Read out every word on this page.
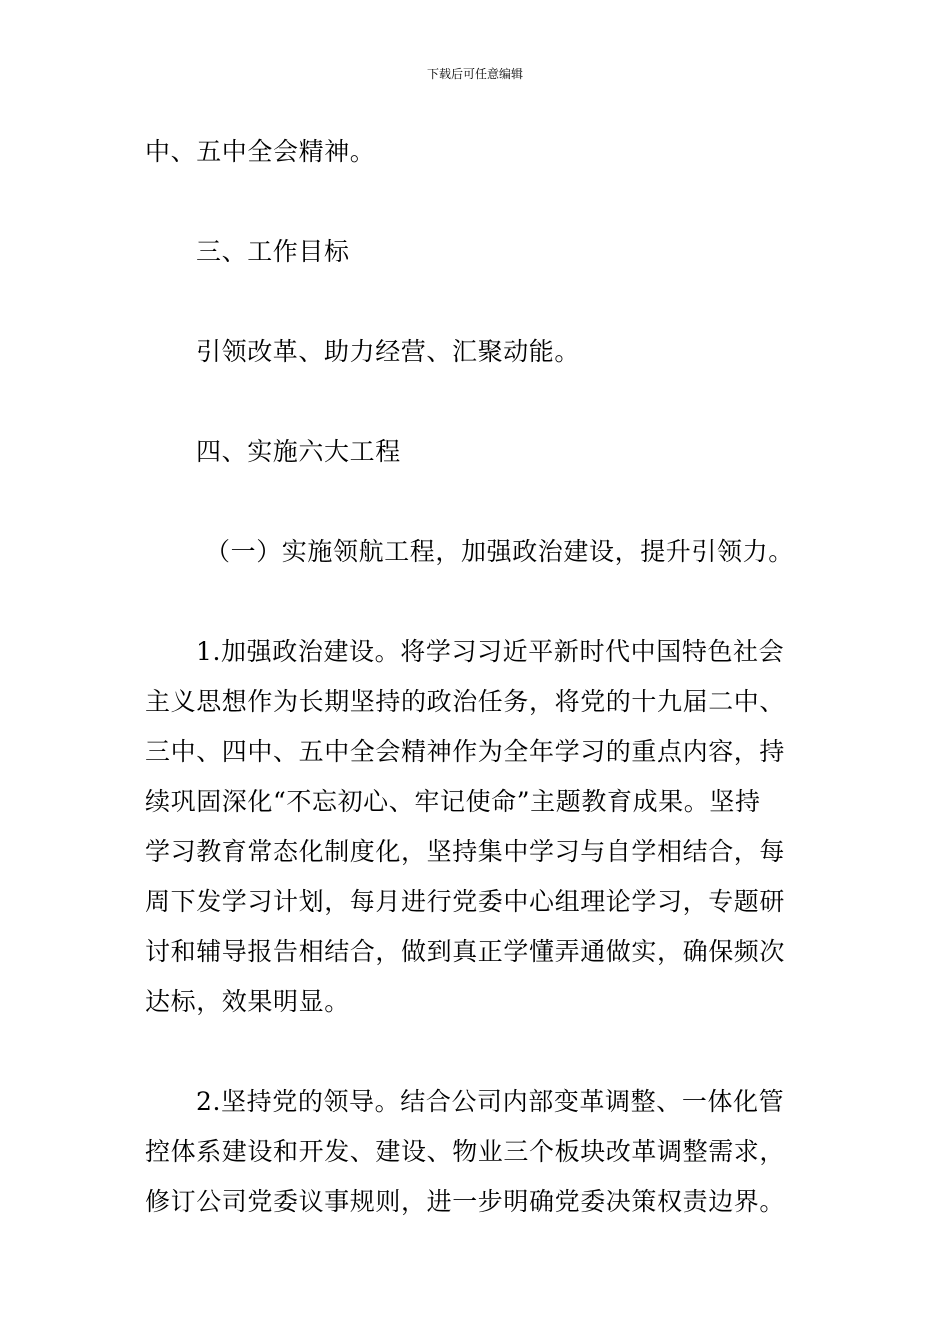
下载后可任意编辑
中、五中全会精神。
三、工作目标
引领改革、助力经营、汇聚动能。
四、实施六大工程
（一）实施领航工程，加强政治建设，提升引领力。
1.加强政治建设。将学习习近平新时代中国特色社会
主义思想作为长期坚持的政治任务，将党的十九届二中、
三中、四中、五中全会精神作为全年学习的重点内容，持
续巩固深化“不忘初心、牢记使命”主题教育成果。坚持
学习教育常态化制度化，坚持集中学习与自学相结合，每
周下发学习计划，每月进行党委中心组理论学习，专题研
讨和辅导报告相结合，做到真正学懂弄通做实，确保频次
达标，效果明显。
2.坚持党的领导。结合公司内部变革调整、一体化管
控体系建设和开发、建设、物业三个板块改革调整需求，
修订公司党委议事规则，进一步明确党委决策权责边界。
